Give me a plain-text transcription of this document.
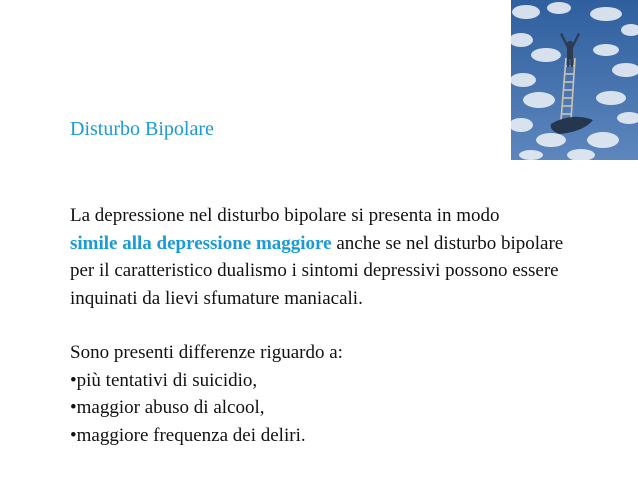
Disturbo Bipolare

La depressione nel disturbo bipolare si presenta in modo
simile alla depressione maggiore anche se nel disturbo bipolare per il caratteristico dualismo i sintomi depressivi possono essere inquinati da lievi sfumature maniacali.

Sono presenti differenze riguardo a:

•più tentativi di suicidio,

•maggior abuso di alcool,

•maggiore frequenza dei deliri.
